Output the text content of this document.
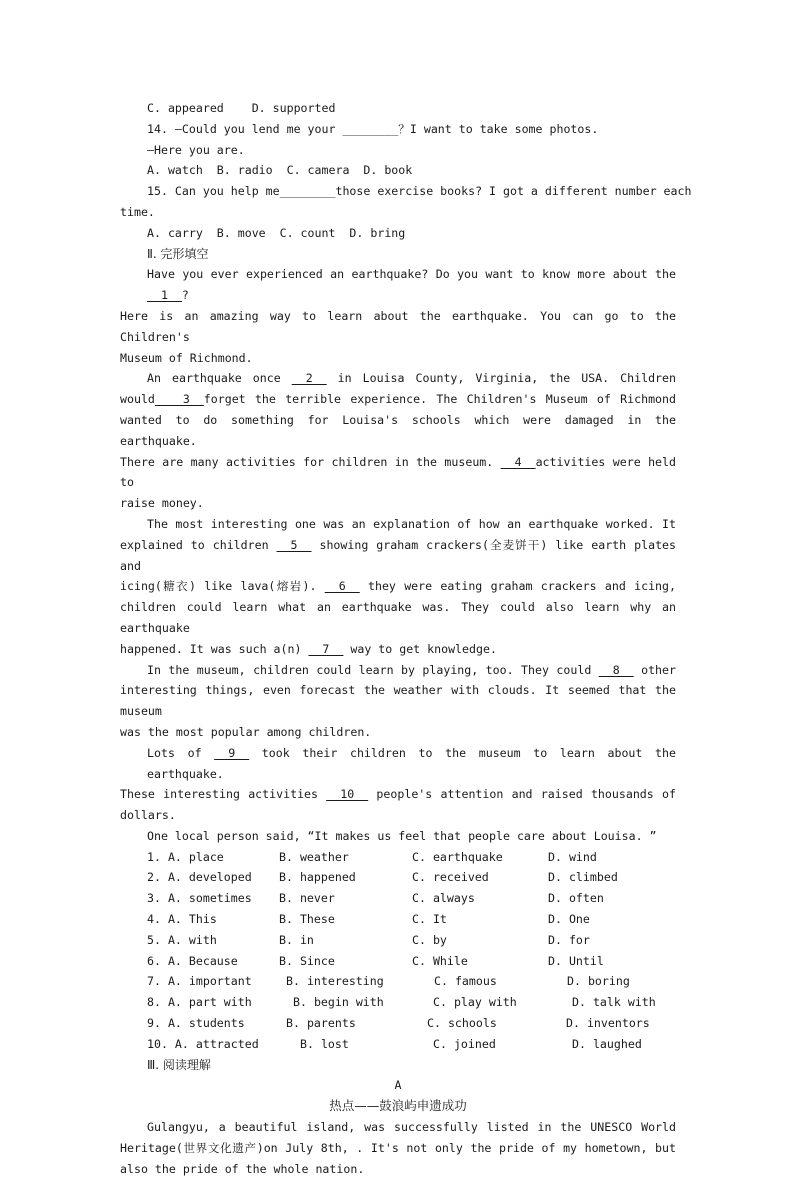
C. appeared    D. supported
14. —Could you lend me your ________？I want to take some photos.
—Here you are.
A. watch  B. radio  C. camera  D. book
15. Can you help me________those exercise books? I got a different number each
time.
A. carry  B. move  C. count  D. bring
Ⅱ. 完形填空
Have you ever experienced an earthquake? Do you want to know more about the __1__?
Here is an amazing way to learn about the earthquake. You can go to the Children's
Museum of Richmond.
An earthquake once __2__ in Louisa County, Virginia, the USA. Children
would____3__forget the terrible experience. The Children's Museum of Richmond
wanted to do something for Louisa's schools which were damaged in the earthquake.
There are many activities for children in the museum. __4__activities were held to
raise money.
The most interesting one was an explanation of how an earthquake worked. It
explained to children __5__ showing graham crackers(全麦饼干) like earth plates and
icing(糖衣) like lava(熔岩). __6__ they were eating graham crackers and icing,
children could learn what an earthquake was. They could also learn why an earthquake
happened. It was such a(n) __7__ way to get knowledge.
In the museum, children could learn by playing, too. They could __8__ other
interesting things, even forecast the weather with clouds. It seemed that the museum
was the most popular among children.
Lots of __9__ took their children to the museum to learn about the earthquake.
These interesting activities __10__ people's attention and raised thousands of
dollars.
One local person said, “It makes us feel that people care about Louisa. ”
1. A. place	B. weather	C. earthquake	D. wind
2. A. developed	B. happened	C. received	D. climbed
3. A. sometimes	B. never	C. always	D. often
4. A. This	B. These	C. It	D. One
5. A. with	B. in	C. by	D. for
6. A. Because	B. Since	C. While	D. Until
7. A. important	B. interesting	C. famous	D. boring
8. A. part with	B. begin with	C. play with	D. talk with
9. A. students	B. parents	C. schools	D. inventors
10. A. attracted	B. lost	C. joined	D. laughed
Ⅲ. 阅读理解
A
热点——鼓浪屿申遗成功
Gulangyu, a beautiful island, was successfully listed in the UNESCO World
Heritage(世界文化遗产)on July 8th, . It's not only the pride of my hometown, but
also the pride of the whole nation.
